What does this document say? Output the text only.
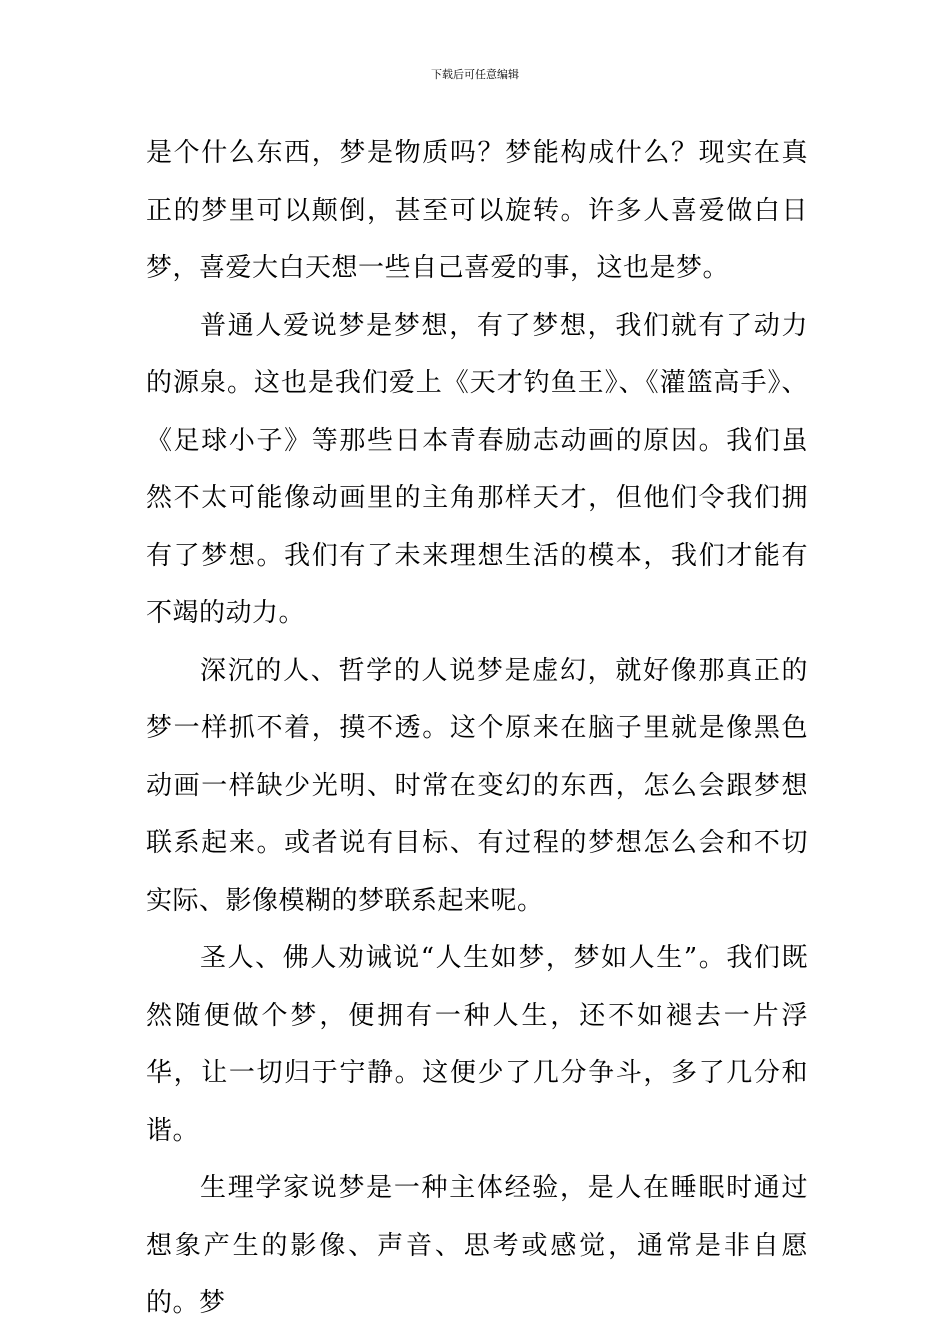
下载后可任意编辑

是个什么东西，梦是物质吗？梦能构成什么？现实在真正的梦里可以颠倒，甚至可以旋转。许多人喜爱做白日梦，喜爱大白天想一些自己喜爱的事，这也是梦。

普通人爱说梦是梦想，有了梦想，我们就有了动力的源泉。这也是我们爱上《天才钓鱼王》、《灌篮高手》、《足球小子》等那些日本青春励志动画的原因。我们虽然不太可能像动画里的主角那样天才，但他们令我们拥有了梦想。我们有了未来理想生活的模本，我们才能有不竭的动力。

深沉的人、哲学的人说梦是虚幻，就好像那真正的梦一样抓不着，摸不透。这个原来在脑子里就是像黑色动画一样缺少光明、时常在变幻的东西，怎么会跟梦想联系起来。或者说有目标、有过程的梦想怎么会和不切实际、影像模糊的梦联系起来呢。

圣人、佛人劝诫说“人生如梦，梦如人生”。我们既然随便做个梦，便拥有一种人生，还不如褪去一片浮华，让一切归于宁静。这便少了几分争斗，多了几分和谐。

生理学家说梦是一种主体经验，是人在睡眠时通过想象产生的影像、声音、思考或感觉，通常是非自愿的。梦
